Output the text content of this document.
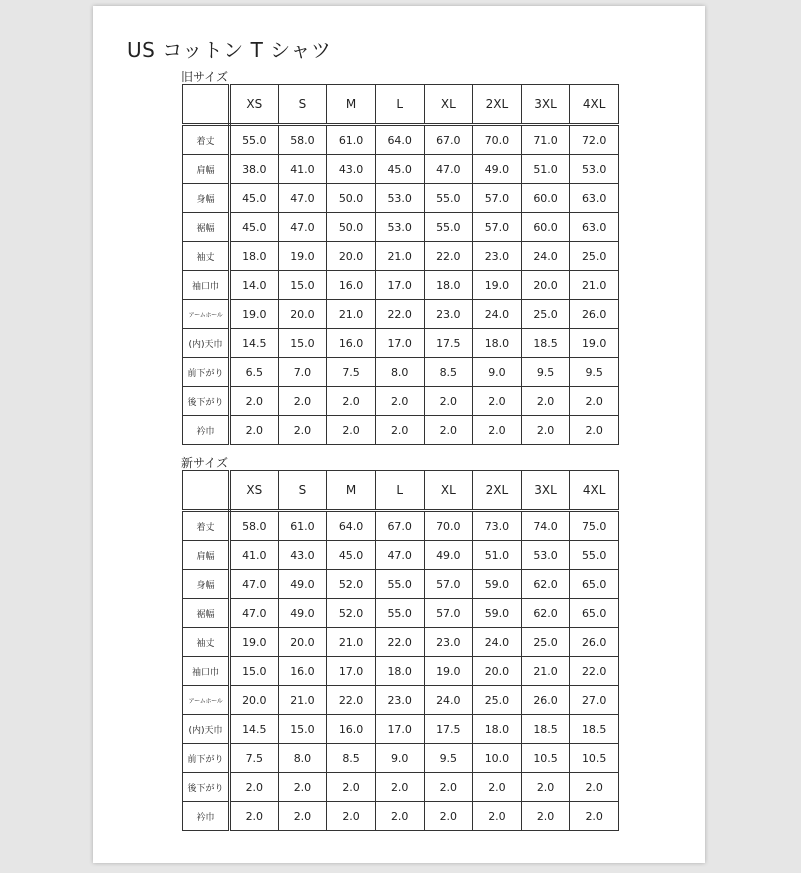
US コットン T シャツ
旧サイズ
	XS	S	M	L	XL	2XL	3XL	4XL
着丈	55.0	58.0	61.0	64.0	67.0	70.0	71.0	72.0
肩幅	38.0	41.0	43.0	45.0	47.0	49.0	51.0	53.0
身幅	45.0	47.0	50.0	53.0	55.0	57.0	60.0	63.0
裾幅	45.0	47.0	50.0	53.0	55.0	57.0	60.0	63.0
袖丈	18.0	19.0	20.0	21.0	22.0	23.0	24.0	25.0
袖口巾	14.0	15.0	16.0	17.0	18.0	19.0	20.0	21.0
アームホール	19.0	20.0	21.0	22.0	23.0	24.0	25.0	26.0
(内)天巾	14.5	15.0	16.0	17.0	17.5	18.0	18.5	19.0
前下がり	6.5	7.0	7.5	8.0	8.5	9.0	9.5	9.5
後下がり	2.0	2.0	2.0	2.0	2.0	2.0	2.0	2.0
衿巾	2.0	2.0	2.0	2.0	2.0	2.0	2.0	2.0
新サイズ
	XS	S	M	L	XL	2XL	3XL	4XL
着丈	58.0	61.0	64.0	67.0	70.0	73.0	74.0	75.0
肩幅	41.0	43.0	45.0	47.0	49.0	51.0	53.0	55.0
身幅	47.0	49.0	52.0	55.0	57.0	59.0	62.0	65.0
裾幅	47.0	49.0	52.0	55.0	57.0	59.0	62.0	65.0
袖丈	19.0	20.0	21.0	22.0	23.0	24.0	25.0	26.0
袖口巾	15.0	16.0	17.0	18.0	19.0	20.0	21.0	22.0
アームホール	20.0	21.0	22.0	23.0	24.0	25.0	26.0	27.0
(内)天巾	14.5	15.0	16.0	17.0	17.5	18.0	18.5	18.5
前下がり	7.5	8.0	8.5	9.0	9.5	10.0	10.5	10.5
後下がり	2.0	2.0	2.0	2.0	2.0	2.0	2.0	2.0
衿巾	2.0	2.0	2.0	2.0	2.0	2.0	2.0	2.0
